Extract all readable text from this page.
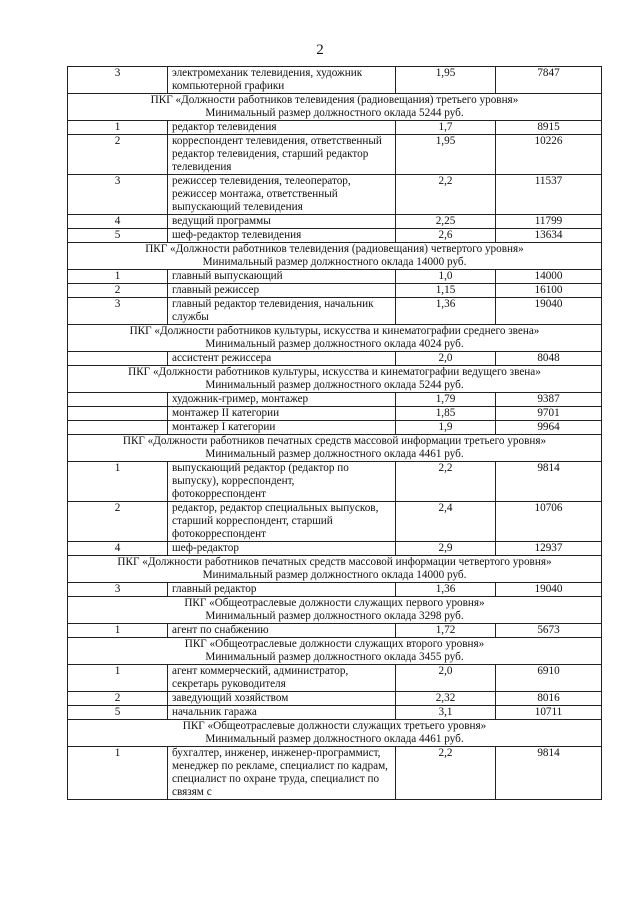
2
3	электромеханик телевидения, художник компьютерной графики	1,95	7847

ПКГ «Должности работников телевидения (радиовещания) третьего уровня»
Минимальный размер должностного оклада 5244 руб.			

1	редактор телевидения	1,7	8915
2	корреспондент телевидения, ответственный редактор телевидения, старший редактор телевидения	1,95	10226
3	режиссер телевидения, телеоператор, режиссер монтажа, ответственный выпускающий телевидения	2,2	11537
4	ведущий программы	2,25	11799
5	шеф-редактор телевидения	2,6	13634

ПКГ «Должности работников телевидения (радиовещания) четвертого уровня»
Минимальный размер должностного оклада 14000 руб.			

1	главный выпускающий	1,0	14000
2	главный режиссер	1,15	16100
3	главный редактор телевидения, начальник службы	1,36	19040

ПКГ «Должности работников культуры, искусства и кинематографии среднего звена»
Минимальный размер должностного оклада 4024 руб.			

	ассистент режиссера	2,0	8048

ПКГ «Должности работников культуры, искусства и кинематографии ведущего звена»
Минимальный размер должностного оклада 5244 руб.			

	художник-гример, монтажер	1,79	9387
	монтажер II категории	1,85	9701
	монтажер I категории	1,9	9964

ПКГ «Должности работников печатных средств массовой информации третьего уровня»
Минимальный размер должностного оклада 4461 руб.			

1	выпускающий редактор (редактор по выпуску), корреспондент, фотокорреспондент	2,2	9814
2	редактор, редактор специальных выпусков, старший корреспондент, старший фотокорреспондент	2,4	10706
4	шеф-редактор	2,9	12937

ПКГ «Должности работников печатных средств массовой информации четвертого уровня»
Минимальный размер должностного оклада 14000 руб.			

3	главный редактор	1,36	19040

ПКГ «Общеотраслевые должности служащих первого уровня»
Минимальный размер должностного оклада 3298 руб.			

1	агент по снабжению	1,72	5673

ПКГ «Общеотраслевые должности служащих второго уровня»
Минимальный размер должностного оклада 3455 руб.			

1	агент коммерческий, администратор, секретарь руководителя	2,0	6910
2	заведующий хозяйством	2,32	8016
5	начальник гаража	3,1	10711

ПКГ «Общеотраслевые должности служащих третьего уровня»
Минимальный размер должностного оклада 4461 руб.			

1	бухгалтер, инженер, инженер-программист, менеджер по рекламе, специалист по кадрам, специалист по охране труда, специалист по связям с	2,2	9814
